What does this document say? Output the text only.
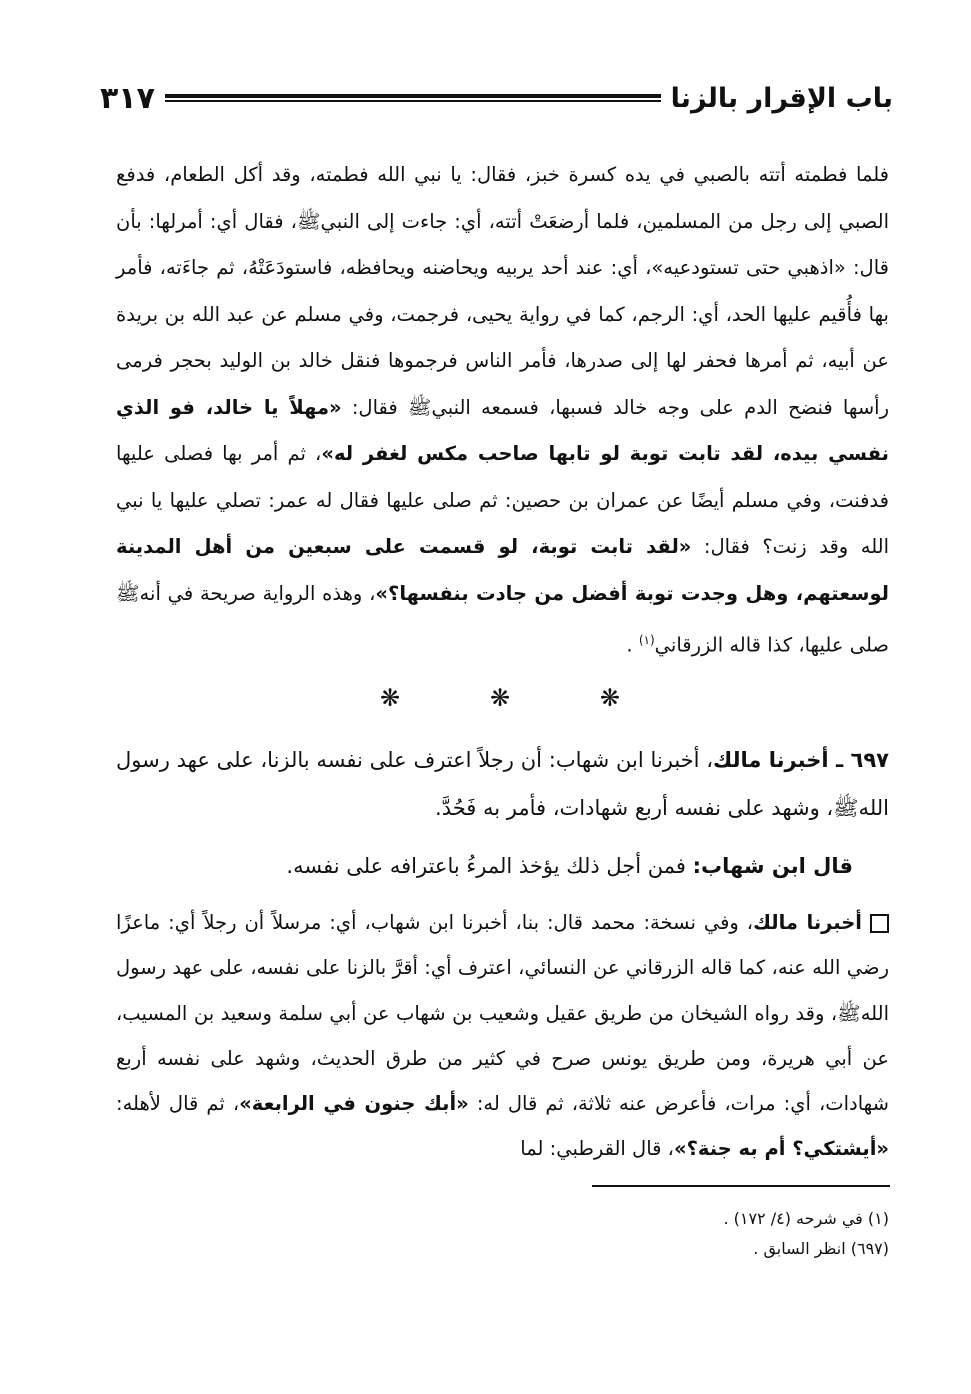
باب الإقرار بالزنا
٣١٧
فلما فطمته أتته بالصبي في يده كسرة خبز، فقال: يا نبي الله فطمته، وقد أكل الطعام، فدفع الصبي إلى رجل من المسلمين، فلما أرضعَتْ أتته، أي: جاءت إلى النبيﷺ، فقال أي: أمرلها: بأن قال: «اذهبي حتى تستودعيه»، أي: عند أحد يربيه ويحاضنه ويحافظه، فاستودَعَتْهُ، ثم جاءَته، فأمر بها فأُقيم عليها الحد، أي: الرجم، كما في رواية يحيى، فرجمت، وفي مسلم عن عبد الله بن بريدة عن أبيه، ثم أمرها فحفر لها إلى صدرها، فأمر الناس فرجموها فنقل خالد بن الوليد بحجر فرمى رأسها فنضح الدم على وجه خالد فسبها، فسمعه النبيﷺ فقال: «مهلاً يا خالد، فو الذي نفسي بيده، لقد تابت توبة لو تابها صاحب مكس لغفر له»، ثم أمر بها فصلى عليها فدفنت، وفي مسلم أيضًا عن عمران بن حصين: ثم صلى عليها فقال له عمر: تصلي عليها يا نبي الله وقد زنت؟ فقال: «لقد تابت توبة، لو قسمت على سبعين من أهل المدينة لوسعتهم، وهل وجدت توبة أفضل من جادت بنفسها؟»، وهذه الرواية صريحة في أنهﷺ صلى عليها، كذا قاله الزرقاني$^{(١)}$ .
❋	❋	❋
٦٩٧ ـ أخبرنا مالك، أخبرنا ابن شهاب: أن رجلاً اعترف على نفسه بالزنا، على عهد رسول اللهﷺ، وشهد على نفسه أربع شهادات، فأمر به فَحُدَّ.
قال ابن شهاب: فمن أجل ذلك يؤخذ المرءُ باعترافه على نفسه.
أخبرنا مالك، وفي نسخة: محمد قال: بنا، أخبرنا ابن شهاب، أي: مرسلاً أن رجلاً أي: ماعزًا رضي الله عنه، كما قاله الزرقاني عن النسائي، اعترف أي: أقرَّ بالزنا على نفسه، على عهد رسول اللهﷺ، وقد رواه الشيخان من طريق عقيل وشعيب بن شهاب عن أبي سلمة وسعيد بن المسيب، عن أبي هريرة، ومن طريق يونس صرح في كثير من طرق الحديث، وشهد على نفسه أربع شهادات، أي: مرات، فأعرض عنه ثلاثة، ثم قال له: «أبك جنون في الرابعة»، ثم قال لأهله: «أيشتكي؟ أم به جنة؟»، قال القرطبي: لما

(١) في شرحه (٤/ ١٧٢) .

(٦٩٧) انظر السابق .
